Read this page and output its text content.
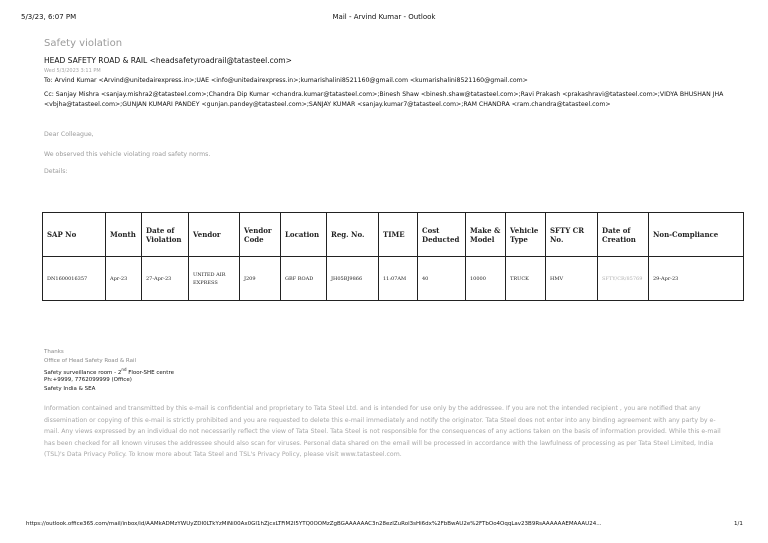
5/3/23, 6:07 PM	Mail - Arvind Kumar - Outlook
Safety violation
HEAD SAFETY ROAD & RAIL <headsafetyroadrail@tatasteel.com>
Wed 5/3/2023 3:11 PM
To: Arvind Kumar <Arvind@unitedairexpress.in>;UAE <info@unitedairexpress.in>;kumarishalini8521160@gmail.com <kumarishalini8521160@gmail.com>
Cc: Sanjay Mishra <sanjay.mishra2@tatasteel.com>;Chandra Dip Kumar <chandra.kumar@tatasteel.com>;Binesh Shaw <binesh.shaw@tatasteel.com>;Ravi Prakash <prakashravi@tatasteel.com>;VIDYA BHUSHAN JHA <vbjha@tatasteel.com>;GUNJAN KUMARI PANDEY <gunjan.pandey@tatasteel.com>;SANJAY KUMAR <sanjay.kumar7@tatasteel.com>;RAM CHANDRA <ram.chandra@tatasteel.com>
Dear Colleague,
We observed this vehicle violating road safety norms.
Details:
SAP No	Month	Date of Violation	Vendor	Vendor Code	Location	Reg. No.	TIME	Cost Deducted	Make & Model	Vehicle Type	SFTY CR No.	Date of Creation	Non-Compliance
DN1600016357	Apr-23	27-Apr-23	UNITED AIR EXPRESS	J209	GBF ROAD	JH05BJ9866	11:07AM	40	10000	TRUCK	HMV	SFTY/CR/85769	29-Apr-23
Thanks
Office of Head Safety Road & Rail
Safety surveillance room - 2nd Floor-SHE centre
Ph:+9999, 7762099999 (Office)
Safety India & SEA
Information contained and transmitted by this e-mail is confidential and proprietary to Tata Steel Ltd. and is intended for use only by the addressee. If you are not the intended recipient , you are notified that any dissemination or copying of this e-mail is strictly prohibited and you are requested to delete this e-mail immediately and notify the originator. Tata Steel does not enter into any binding agreement with any party by e-mail. Any views expressed by an individual do not necessarily reflect the view of Tata Steel. Tata Steel is not responsible for the consequences of any actions taken on the basis of information provided. While this e-mail has been checked for all known viruses the addressee should also scan for viruses. Personal data shared on the email will be processed in accordance with the lawfulness of processing as per Tata Steel Limited, India (TSL)'s Data Privacy Policy. To know more about Tata Steel and TSL's Privacy Policy, please visit www.tatasteel.com.
https://outlook.office365.com/mail/inbox/id/AAMkADMzYWUyZDI0LTkYzMiNi00Ax0GI1hZjcxLTFiM2I5YTQ0OOMzZgBGAAAAAAC3n28ezIZuRol3sHi6dx%2FbBwAU2e%2FTbOo4OqqLav23B9RsAAAAAAEMAAAU24...	1/1
